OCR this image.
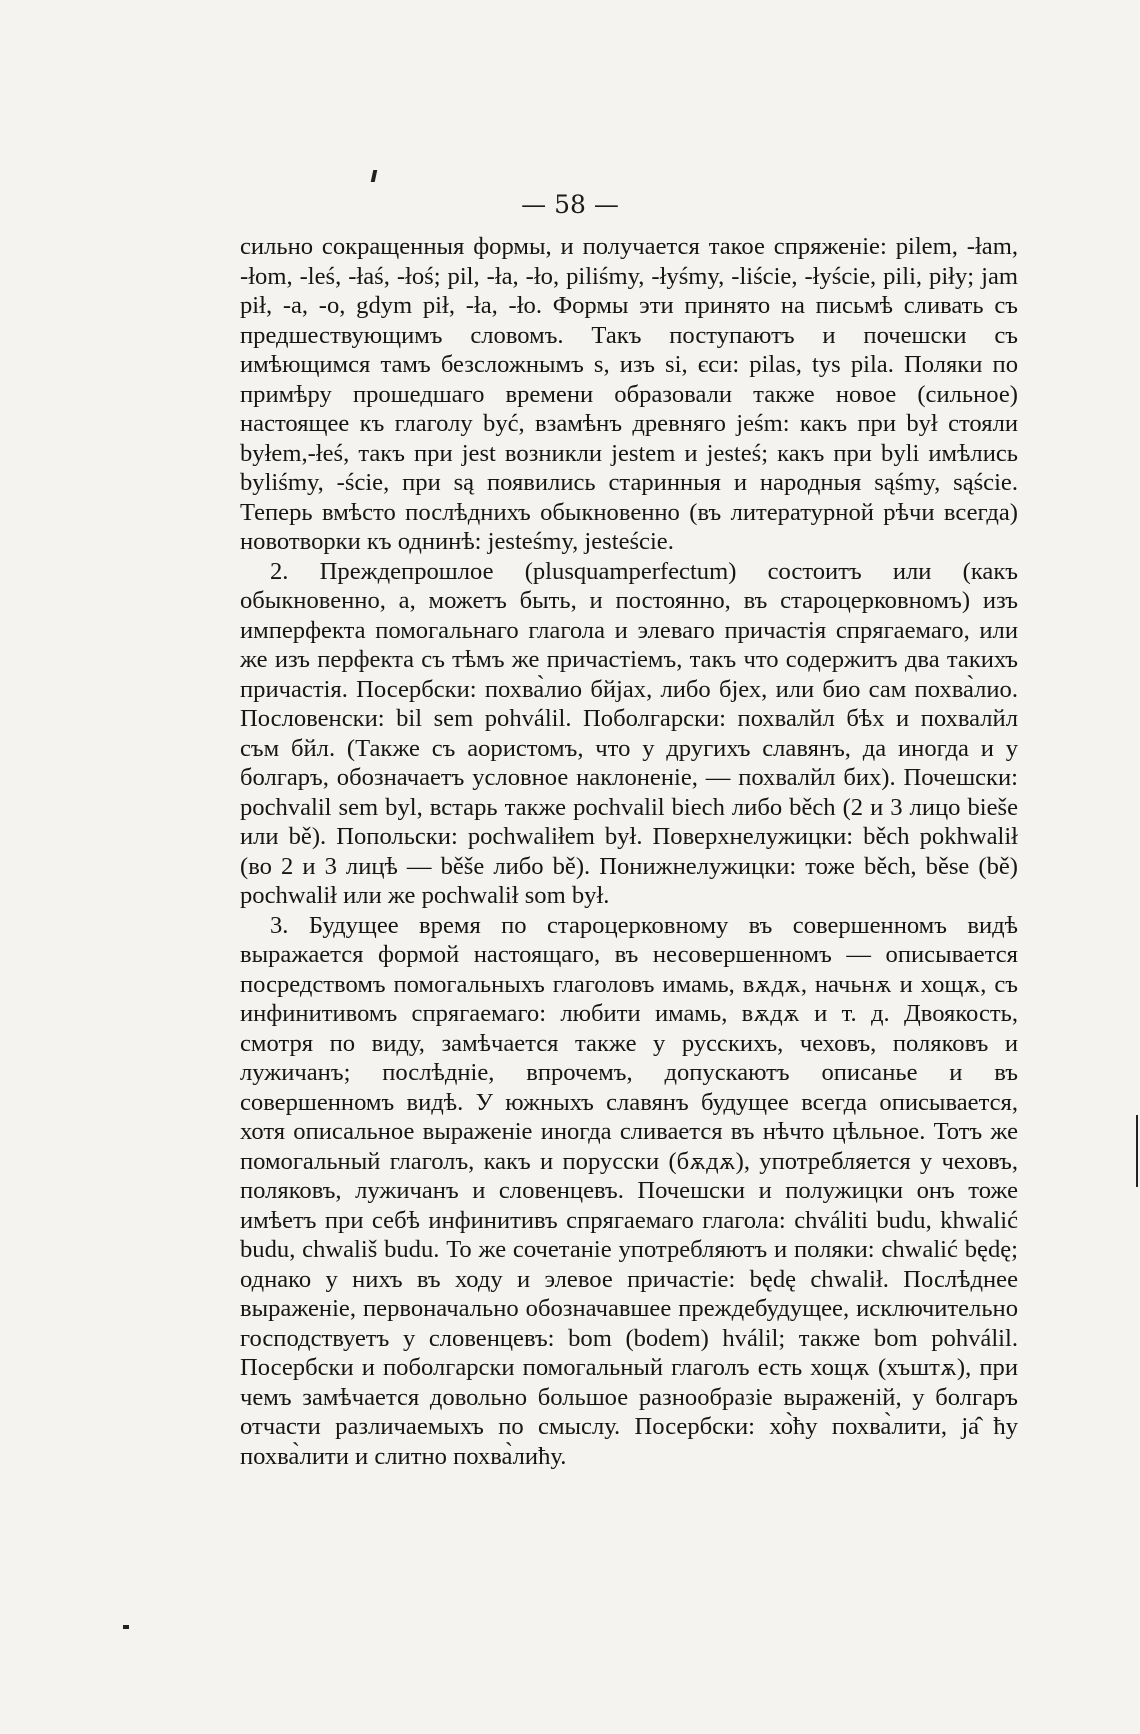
— 58 —

сильно сокращенныя формы, и получается такое спряженіе: pilem, -łam, -łom, -leś, -łaś, -łoś; pil, -ła, -ło, piliśmy, -łyśmy, -liście, -łyście, pili, piły; jam pił, -a, -o, gdym pił, -ła, -ło. Формы эти принято на письмѣ сливать съ предшествующимъ словомъ. Такъ поступаютъ и почешски съ имѣющимся тамъ безсложнымъ s, изъ si, єси: pilas, tys pila. Поляки по примѣру прошедшаго времени образовали также новое (сильное) настоящее къ глаголу być, взамѣнъ древняго jeśm: какъ при był стояли byłem,-łeś, такъ при jest возникли jestem и jesteś; какъ при byli имѣлись byliśmy, -ście, при są появились старинныя и народныя sąśmy, sąście. Теперь вмѣсто послѣднихъ обыкновенно (въ литературной рѣчи всегда) новотворки къ однинѣ: jesteśmy, jesteście.

2. Преждепрошлое (plusquamperfectum) состоитъ или (какъ обыкновенно, а, можетъ быть, и постоянно, въ староцерковномъ) изъ имперфекта помогальнаго глагола и элеваго причастія спрягаемаго, или же изъ перфекта съ тѣмъ же причастіемъ, такъ что содержитъ два такихъ причастія. Посербски: похва̀лио бйјах, либо бјех, или био сам похва̀лио. Пословенски: bil sem pohválil. Поболгарски: похвалйл бѣх и похвалйл съм бйл. (Также съ аористомъ, что у другихъ славянъ, да иногда и у болгаръ, обозначаетъ условное наклоненіе, — похвалйл бих). Почешски: pochvalil sem byl, встарь также pochvalil biech либо běch (2 и 3 лицо bieše или bě). Попольски: pochwaliłem był. Поверхнелужицки: běch pokhwalił (во 2 и 3 лицѣ — běše либо bě). Понижнелужицки: тоже běch, běse (bě) pochwalił или же pochwalił som był.

3. Будущее время по староцерковному въ совершенномъ видѣ выражается формой настоящаго, въ несовершенномъ — описывается посредствомъ помогальныхъ глаголовъ имамь, вѫдѫ, начьнѫ и хощѫ, съ инфинитивомъ спрягаемаго: любити имамь, вѫдѫ и т. д. Двоякость, смотря по виду, замѣчается также у русскихъ, чеховъ, поляковъ и лужичанъ; послѣдніе, впрочемъ, допускаютъ описанье и въ совершенномъ видѣ. У южныхъ славянъ будущее всегда описывается, хотя описальное выраженіе иногда сливается въ нѣчто цѣльное. Тотъ же помогальный глаголъ, какъ и порусски (бѫдѫ), употребляется у чеховъ, поляковъ, лужичанъ и словенцевъ. Почешски и полужицки онъ тоже имѣетъ при себѣ инфинитивъ спрягаемаго глагола: chváliti budu, khwalić budu, chwališ budu. То же сочетаніе употребляютъ и поляки: chwalić będę; однако у нихъ въ ходу и элевое причастіе: będę chwalił. Послѣднее выраженіе, первоначально обозначавшее преждебудущее, исключительно господствуетъ у словенцевъ: bom (bodem) hválil; также bom pohválil. Посербски и поболгарски помогальный глаголъ есть хощѫ (хъштѫ), при чемъ замѣчается довольно большое разнообразіе выраженій, у болгаръ отчасти различаемыхъ по смыслу. Посербски: хо̀ћу похва̀лити, ја̂ ћу похва̀лити и слитно похва̀лићу.
